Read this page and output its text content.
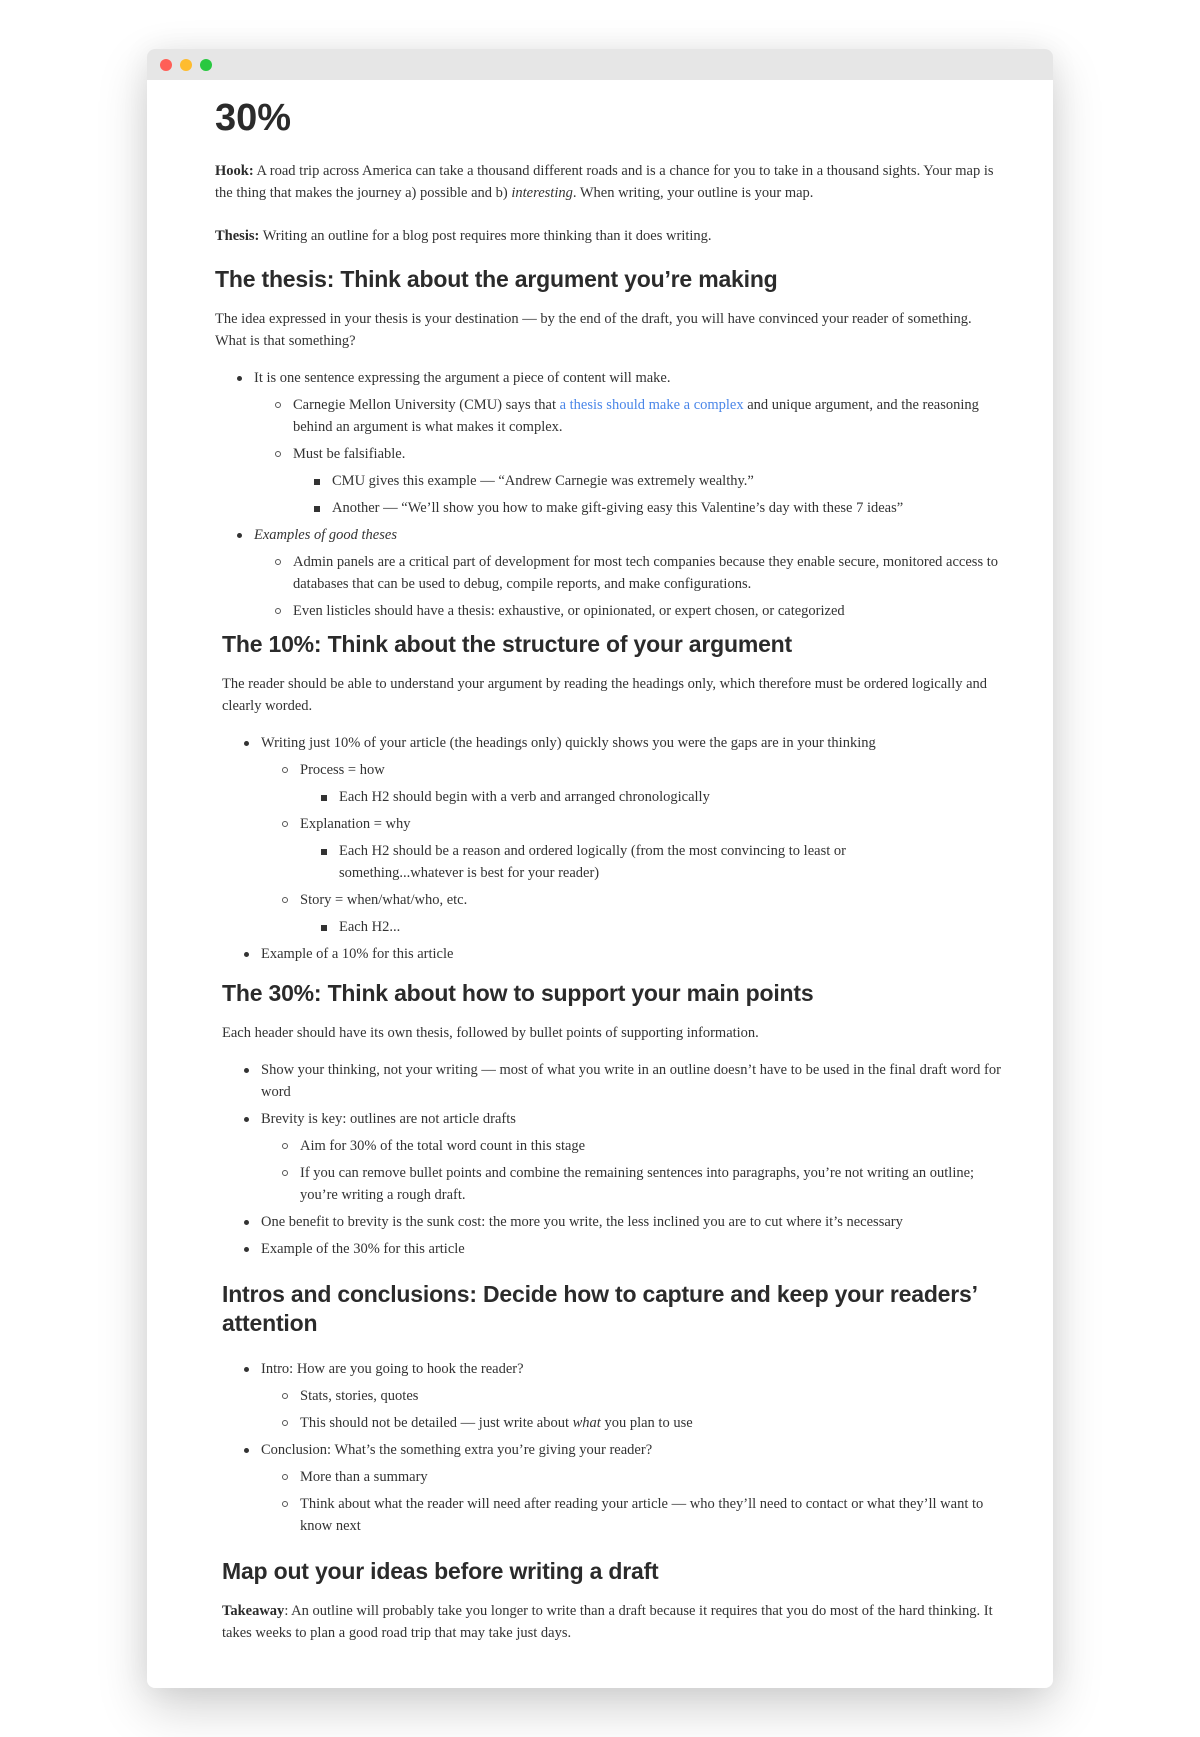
30%

Hook: A road trip across America can take a thousand different roads and is a chance for you to take in a thousand sights. Your map is the thing that makes the journey a) possible and b) interesting. When writing, your outline is your map.

Thesis: Writing an outline for a blog post requires more thinking than it does writing.

The thesis: Think about the argument you’re making

The idea expressed in your thesis is your destination — by the end of the draft, you will have convinced your reader of something. What is that something?

It is one sentence expressing the argument a piece of content will make.
Carnegie Mellon University (CMU) says that a thesis should make a complex and unique argument, and the reasoning behind an argument is what makes it complex.
Must be falsifiable.
CMU gives this example — “Andrew Carnegie was extremely wealthy.”
Another — “We’ll show you how to make gift-giving easy this Valentine’s day with these 7 ideas”
Examples of good theses
Admin panels are a critical part of development for most tech companies because they enable secure, monitored access to databases that can be used to debug, compile reports, and make configurations.
Even listicles should have a thesis: exhaustive, or opinionated, or expert chosen, or categorized
The 10%: Think about the structure of your argument

The reader should be able to understand your argument by reading the headings only, which therefore must be ordered logically and clearly worded.

Writing just 10% of your article (the headings only) quickly shows you were the gaps are in your thinking
Process = how
Each H2 should begin with a verb and arranged chronologically
Explanation = why
Each H2 should be a reason and ordered logically (from the most convincing to least or something...whatever is best for your reader)
Story = when/what/who, etc.
Each H2...
Example of a 10% for this article
The 30%: Think about how to support your main points

Each header should have its own thesis, followed by bullet points of supporting information.

Show your thinking, not your writing — most of what you write in an outline doesn’t have to be used in the final draft word for word
Brevity is key: outlines are not article drafts
Aim for 30% of the total word count in this stage
If you can remove bullet points and combine the remaining sentences into paragraphs, you’re not writing an outline; you’re writing a rough draft.
One benefit to brevity is the sunk cost: the more you write, the less inclined you are to cut where it’s necessary
Example of the 30% for this article
Intros and conclusions: Decide how to capture and keep your readers’ attention
Intro: How are you going to hook the reader?
Stats, stories, quotes
This should not be detailed — just write about what you plan to use
Conclusion: What’s the something extra you’re giving your reader?
More than a summary
Think about what the reader will need after reading your article — who they’ll need to contact or what they’ll want to know next
Map out your ideas before writing a draft

Takeaway: An outline will probably take you longer to write than a draft because it requires that you do most of the hard thinking. It takes weeks to plan a good road trip that may take just days.
